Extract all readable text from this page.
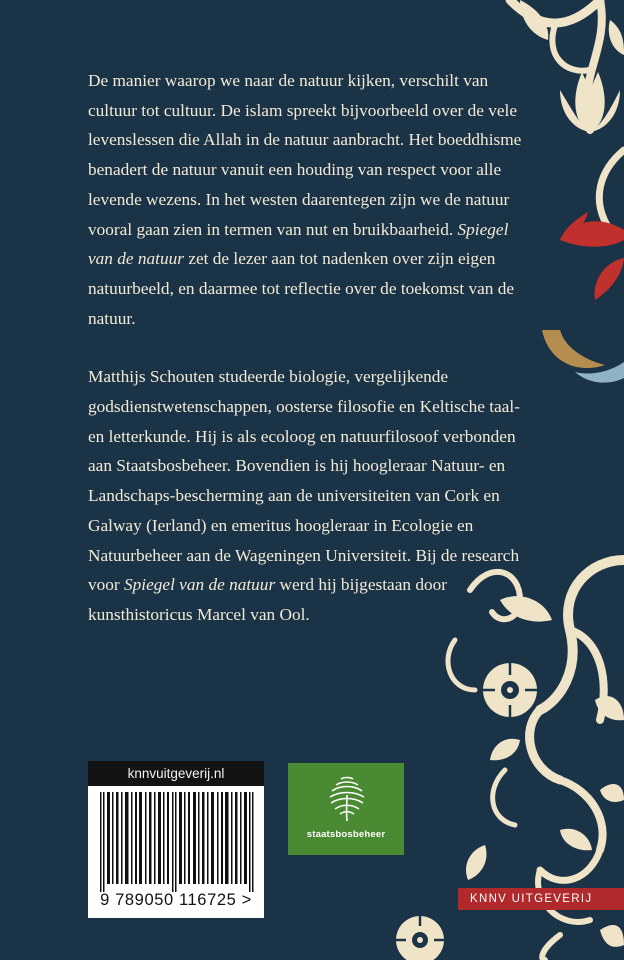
De manier waarop we naar de natuur kijken, verschilt van cultuur tot cultuur. De islam spreekt bijvoorbeeld over de vele levenslessen die Allah in de natuur aanbracht. Het boeddhisme benadert de natuur vanuit een houding van respect voor alle levende wezens. In het westen daarentegen zijn we de natuur vooral gaan zien in termen van nut en bruikbaarheid. Spiegel van de natuur zet de lezer aan tot nadenken over zijn eigen natuurbeeld, en daarmee tot reflectie over de toekomst van de natuur.

Matthijs Schouten studeerde biologie, vergelijkende godsdienstwetenschappen, oosterse filosofie en Keltische taal- en letterkunde. Hij is als ecoloog en natuurfilosoof verbonden aan Staatsbosbeheer. Bovendien is hij hoogleraar Natuur- en Landschaps-bescherming aan de universiteiten van Cork en Galway (Ierland) en emeritus hoogleraar in Ecologie en Natuurbeheer aan de Wageningen Universiteit. Bij de research voor Spiegel van de natuur werd hij bijgestaan door kunsthistoricus Marcel van Ool.

knnvuitgeverij.nl
9 789050 116725 >
staatsbosbeheer
KNNV UITGEVERIJ
